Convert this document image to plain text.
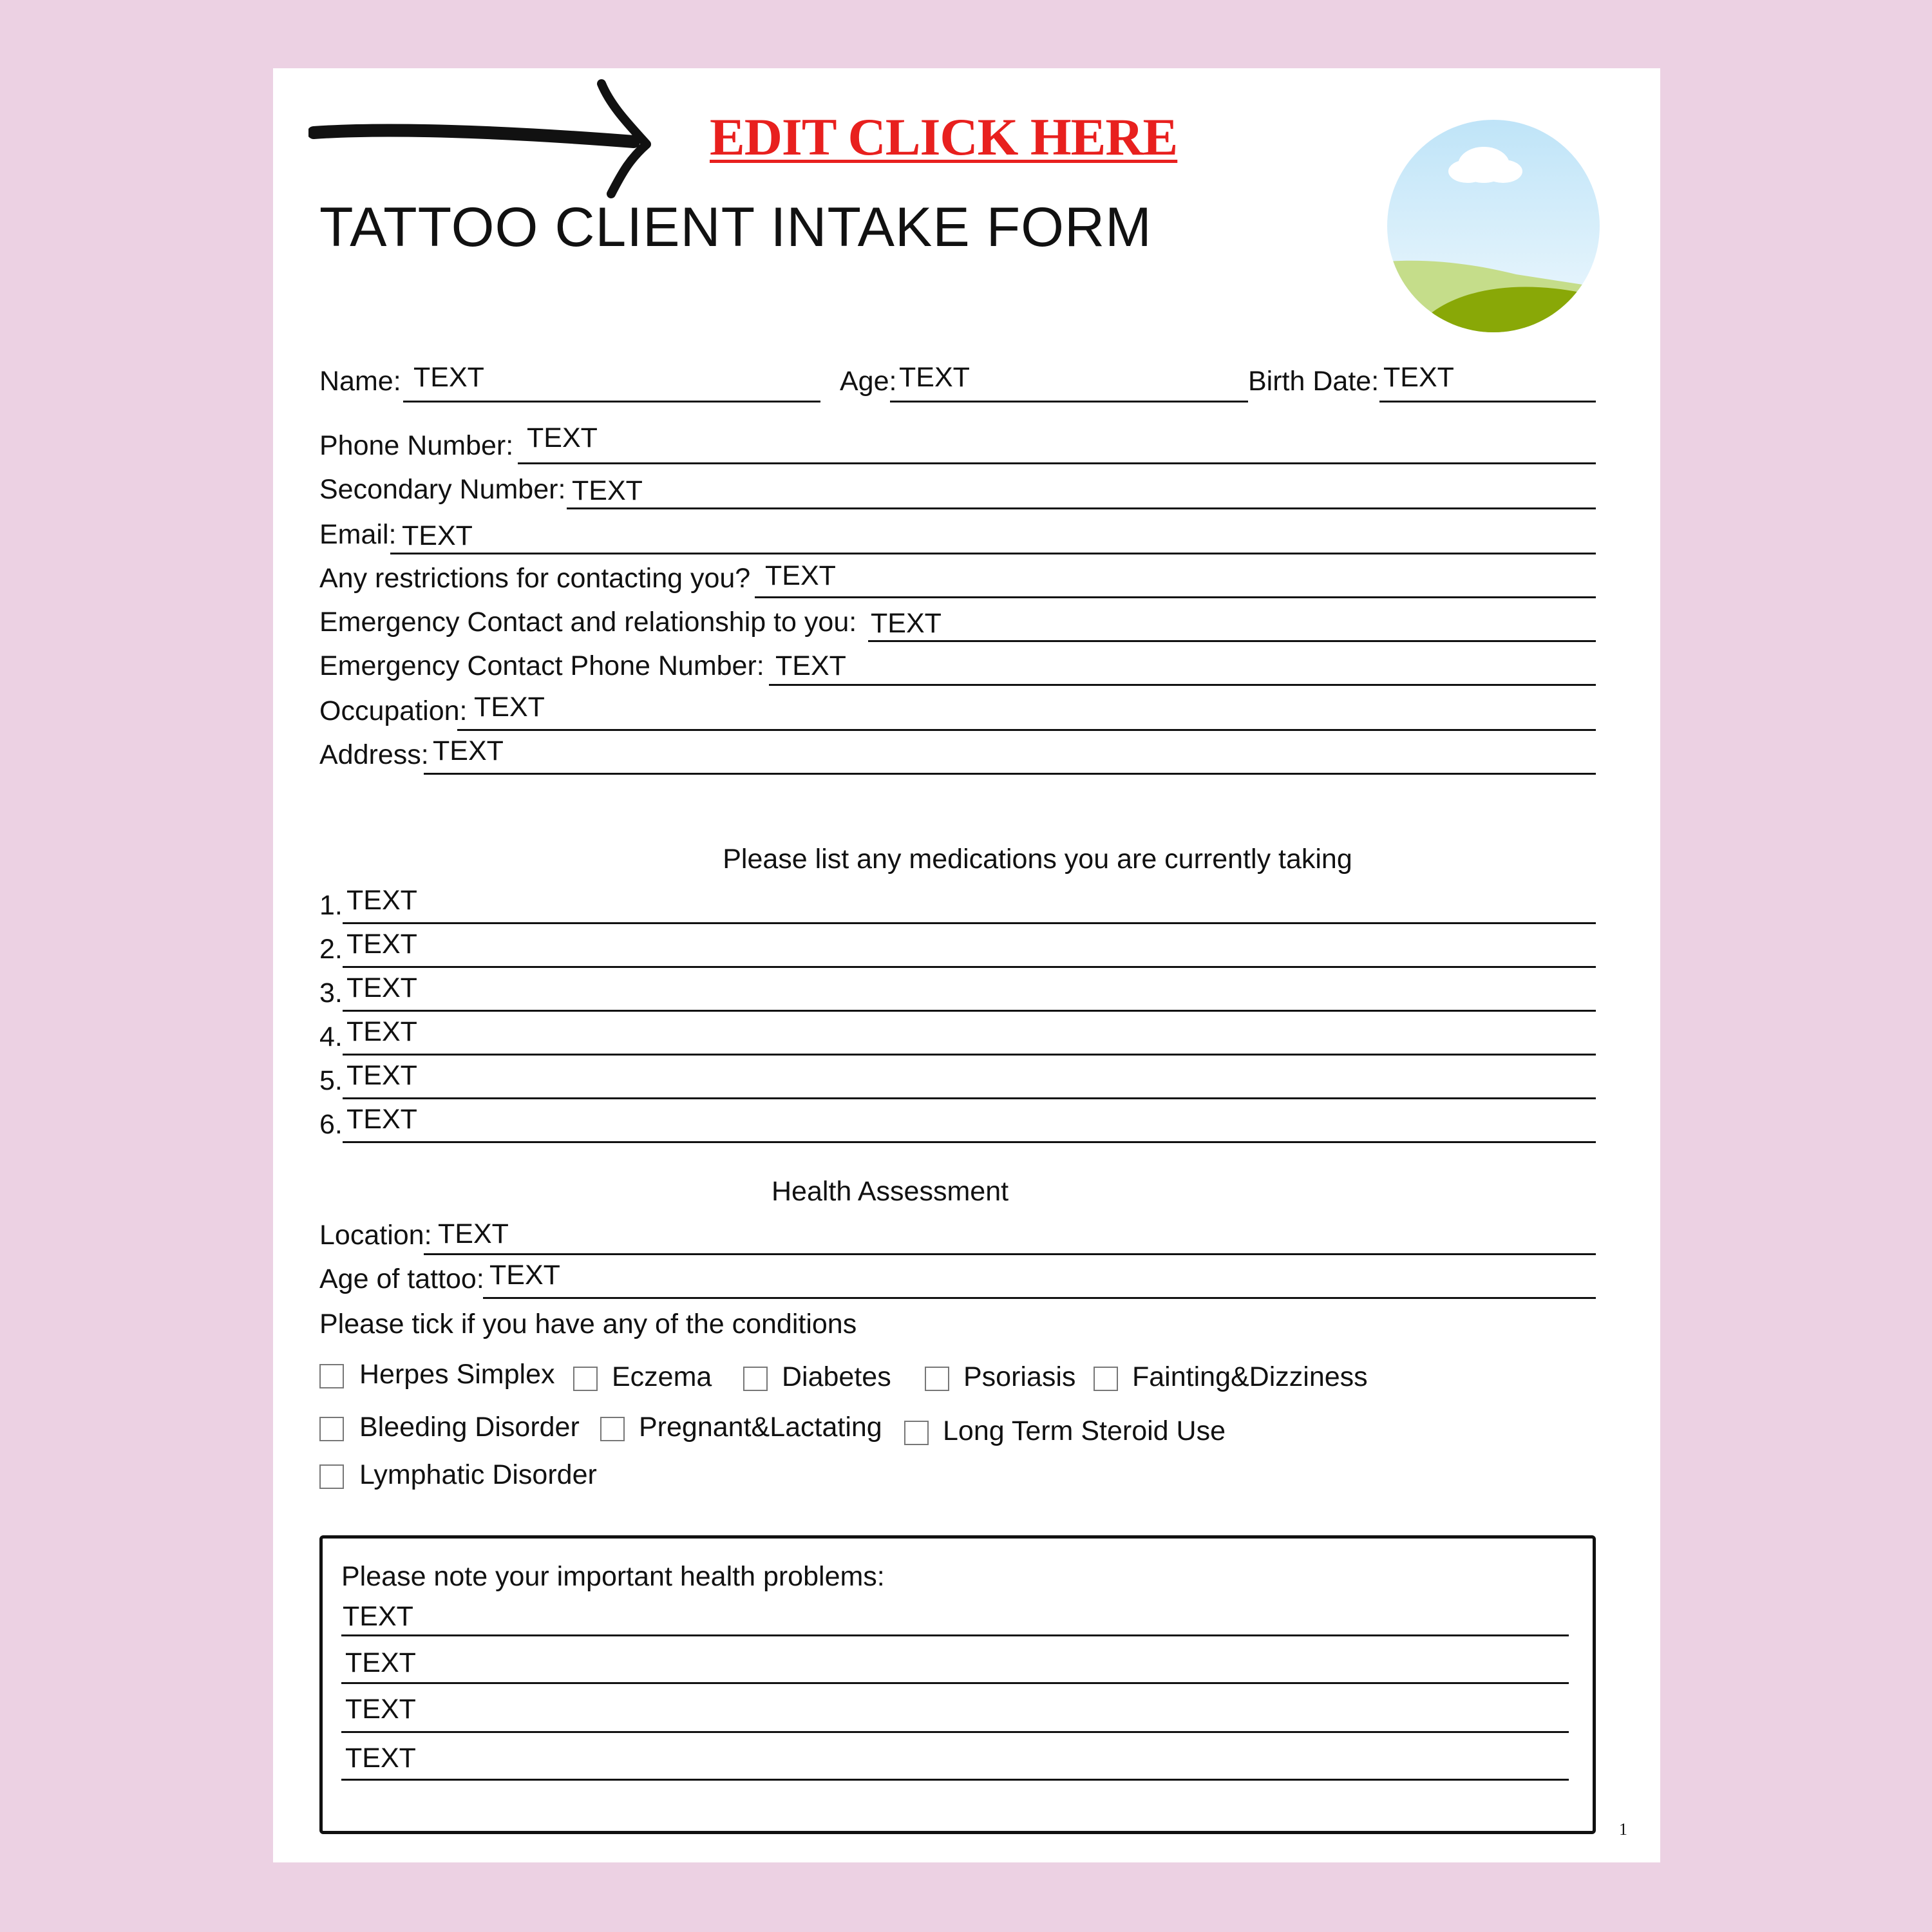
EDIT CLICK HERE
TATTOO CLIENT INTAKE FORM
Name: TEXT	Age: TEXT	Birth Date: TEXT
Phone Number: TEXT
Secondary Number: TEXT
Email: TEXT
Any restrictions for contacting you? TEXT
Emergency Contact and relationship to you: TEXT
Emergency Contact Phone Number: TEXT
Occupation: TEXT
Address: TEXT
Please list any medications you are currently taking
1. TEXT
2. TEXT
3. TEXT
4. TEXT
5. TEXT
6. TEXT
Health Assessment
Location: TEXT
Age of tattoo: TEXT
Please tick if you have any of the conditions
Herpes Simplex Eczema	Diabetes	Psoriasis Fainting&Dizziness
Bleeding Disorder Pregnant&Lactating Long Term Steroid Use
Lymphatic Disorder
Please note your important health problems:
TEXT
TEXT
TEXT
TEXT
1
